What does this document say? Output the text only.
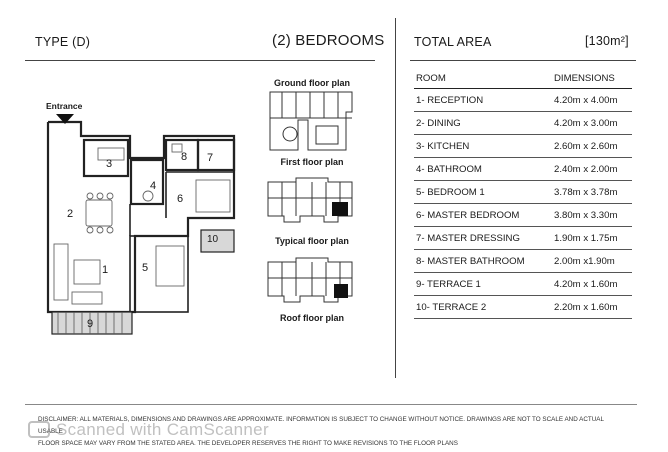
TYPE (D)	(2) BEDROOMS TOTAL AREA	[130m²]
Entrance
1
2
3
4
5
6
7
8
9
10
Ground floor plan
First floor plan
Typical floor plan
Roof floor plan
ROOM	DIMENSIONS
1- RECEPTION	4.20m x 4.00m
2- DINING	4.20m x 3.00m
3- KITCHEN	2.60m x 2.60m
4- BATHROOM	2.40m x 2.00m
5- BEDROOM 1	3.78m x 3.78m
6- MASTER BEDROOM	3.80m x 3.30m
7- MASTER DRESSING	1.90m x 1.75m
8- MASTER BATHROOM	2.00m x1.90m
9- TERRACE 1	4.20m x 1.60m
10- TERRACE 2	2.20m x 1.60m
DISCLAIMER: ALL MATERIALS, DIMENSIONS AND DRAWINGS ARE APPROXIMATE. INFORMATION IS SUBJECT TO CHANGE WITHOUT NOTICE. DRAWINGS ARE NOT TO SCALE AND ACTUAL USABLE
FLOOR SPACE MAY VARY FROM THE STATED AREA. THE DEVELOPER RESERVES THE RIGHT TO MAKE REVISIONS TO THE FLOOR PLANS
Scanned with CamScanner
